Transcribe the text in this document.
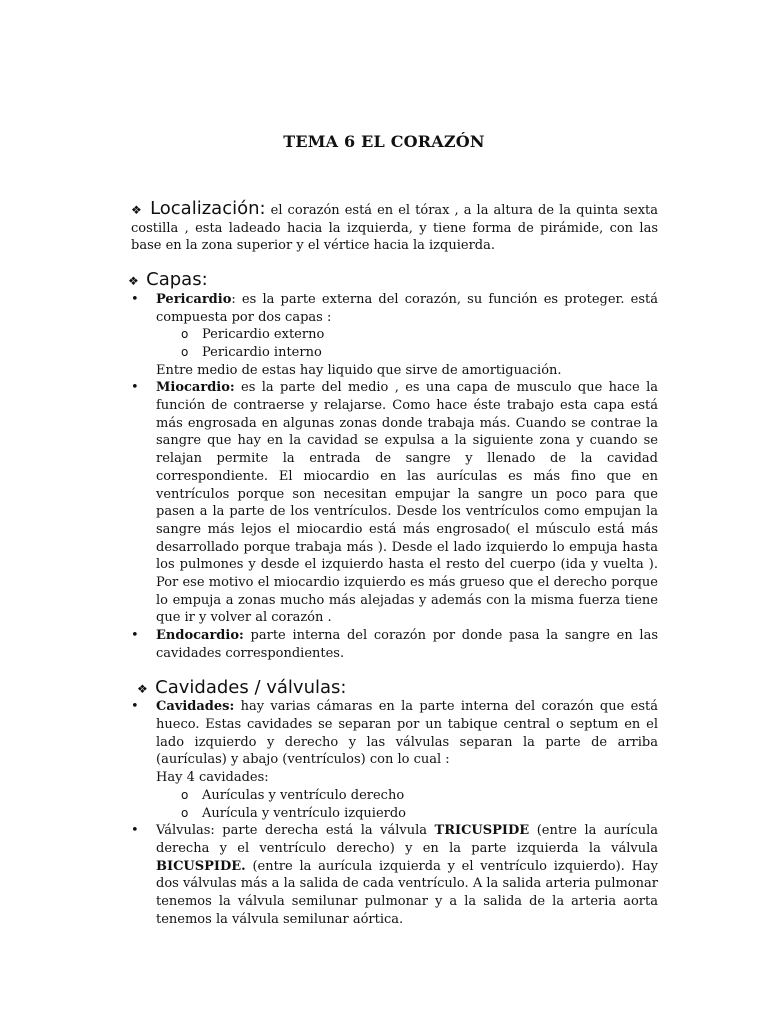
TEMA 6 EL CORAZÓN
❖ Localización: el corazón está en el tórax , a la altura de la quinta sexta costilla , esta ladeado hacia la izquierda, y tiene forma de pirámide, con las base en la zona superior y el vértice hacia la izquierda.
❖ Capas:
• Pericardio: es la parte externa del corazón, su función es proteger. está compuesta por dos capas :
o Pericardio externo
o Pericardio interno
Entre medio de estas hay liquido que sirve de amortiguación.
• Miocardio: es la parte del medio , es una capa de musculo que hace la función de contraerse y relajarse. Como hace éste trabajo esta capa está más engrosada en algunas zonas donde trabaja más. Cuando se contrae la sangre que hay en la cavidad se expulsa a la siguiente zona y cuando se relajan permite la entrada de sangre y llenado de la cavidad correspondiente. El miocardio en las aurículas es más fino que en ventrículos porque son necesitan empujar la sangre un poco para que pasen a la parte de los ventrículos. Desde los ventrículos como empujan la sangre más lejos el miocardio está más engrosado( el músculo está más desarrollado porque trabaja más ). Desde el lado izquierdo lo empuja hasta los pulmones y desde el izquierdo hasta el resto del cuerpo (ida y vuelta ). Por ese motivo el miocardio izquierdo es más grueso que el derecho porque lo empuja a zonas mucho más alejadas y además con la misma fuerza tiene que ir y volver al corazón .
• Endocardio: parte interna del corazón por donde pasa la sangre en las cavidades correspondientes.
❖ Cavidades / válvulas:
• Cavidades: hay varias cámaras en la parte interna del corazón que está hueco. Estas cavidades se separan por un tabique central o septum en el lado izquierdo y derecho y las válvulas separan la parte de arriba (aurículas) y abajo (ventrículos) con lo cual :
Hay 4 cavidades:
o Aurículas y ventrículo derecho
o Aurícula y ventrículo izquierdo
• Válvulas: parte derecha está la válvula TRICUSPIDE (entre la aurícula derecha y el ventrículo derecho) y en la parte izquierda la válvula BICUSPIDE. (entre la aurícula izquierda y el ventrículo izquierdo). Hay dos válvulas más a la salida de cada ventrículo. A la salida arteria pulmonar tenemos la válvula semilunar pulmonar y a la salida de la arteria aorta tenemos la válvula semilunar aórtica.
